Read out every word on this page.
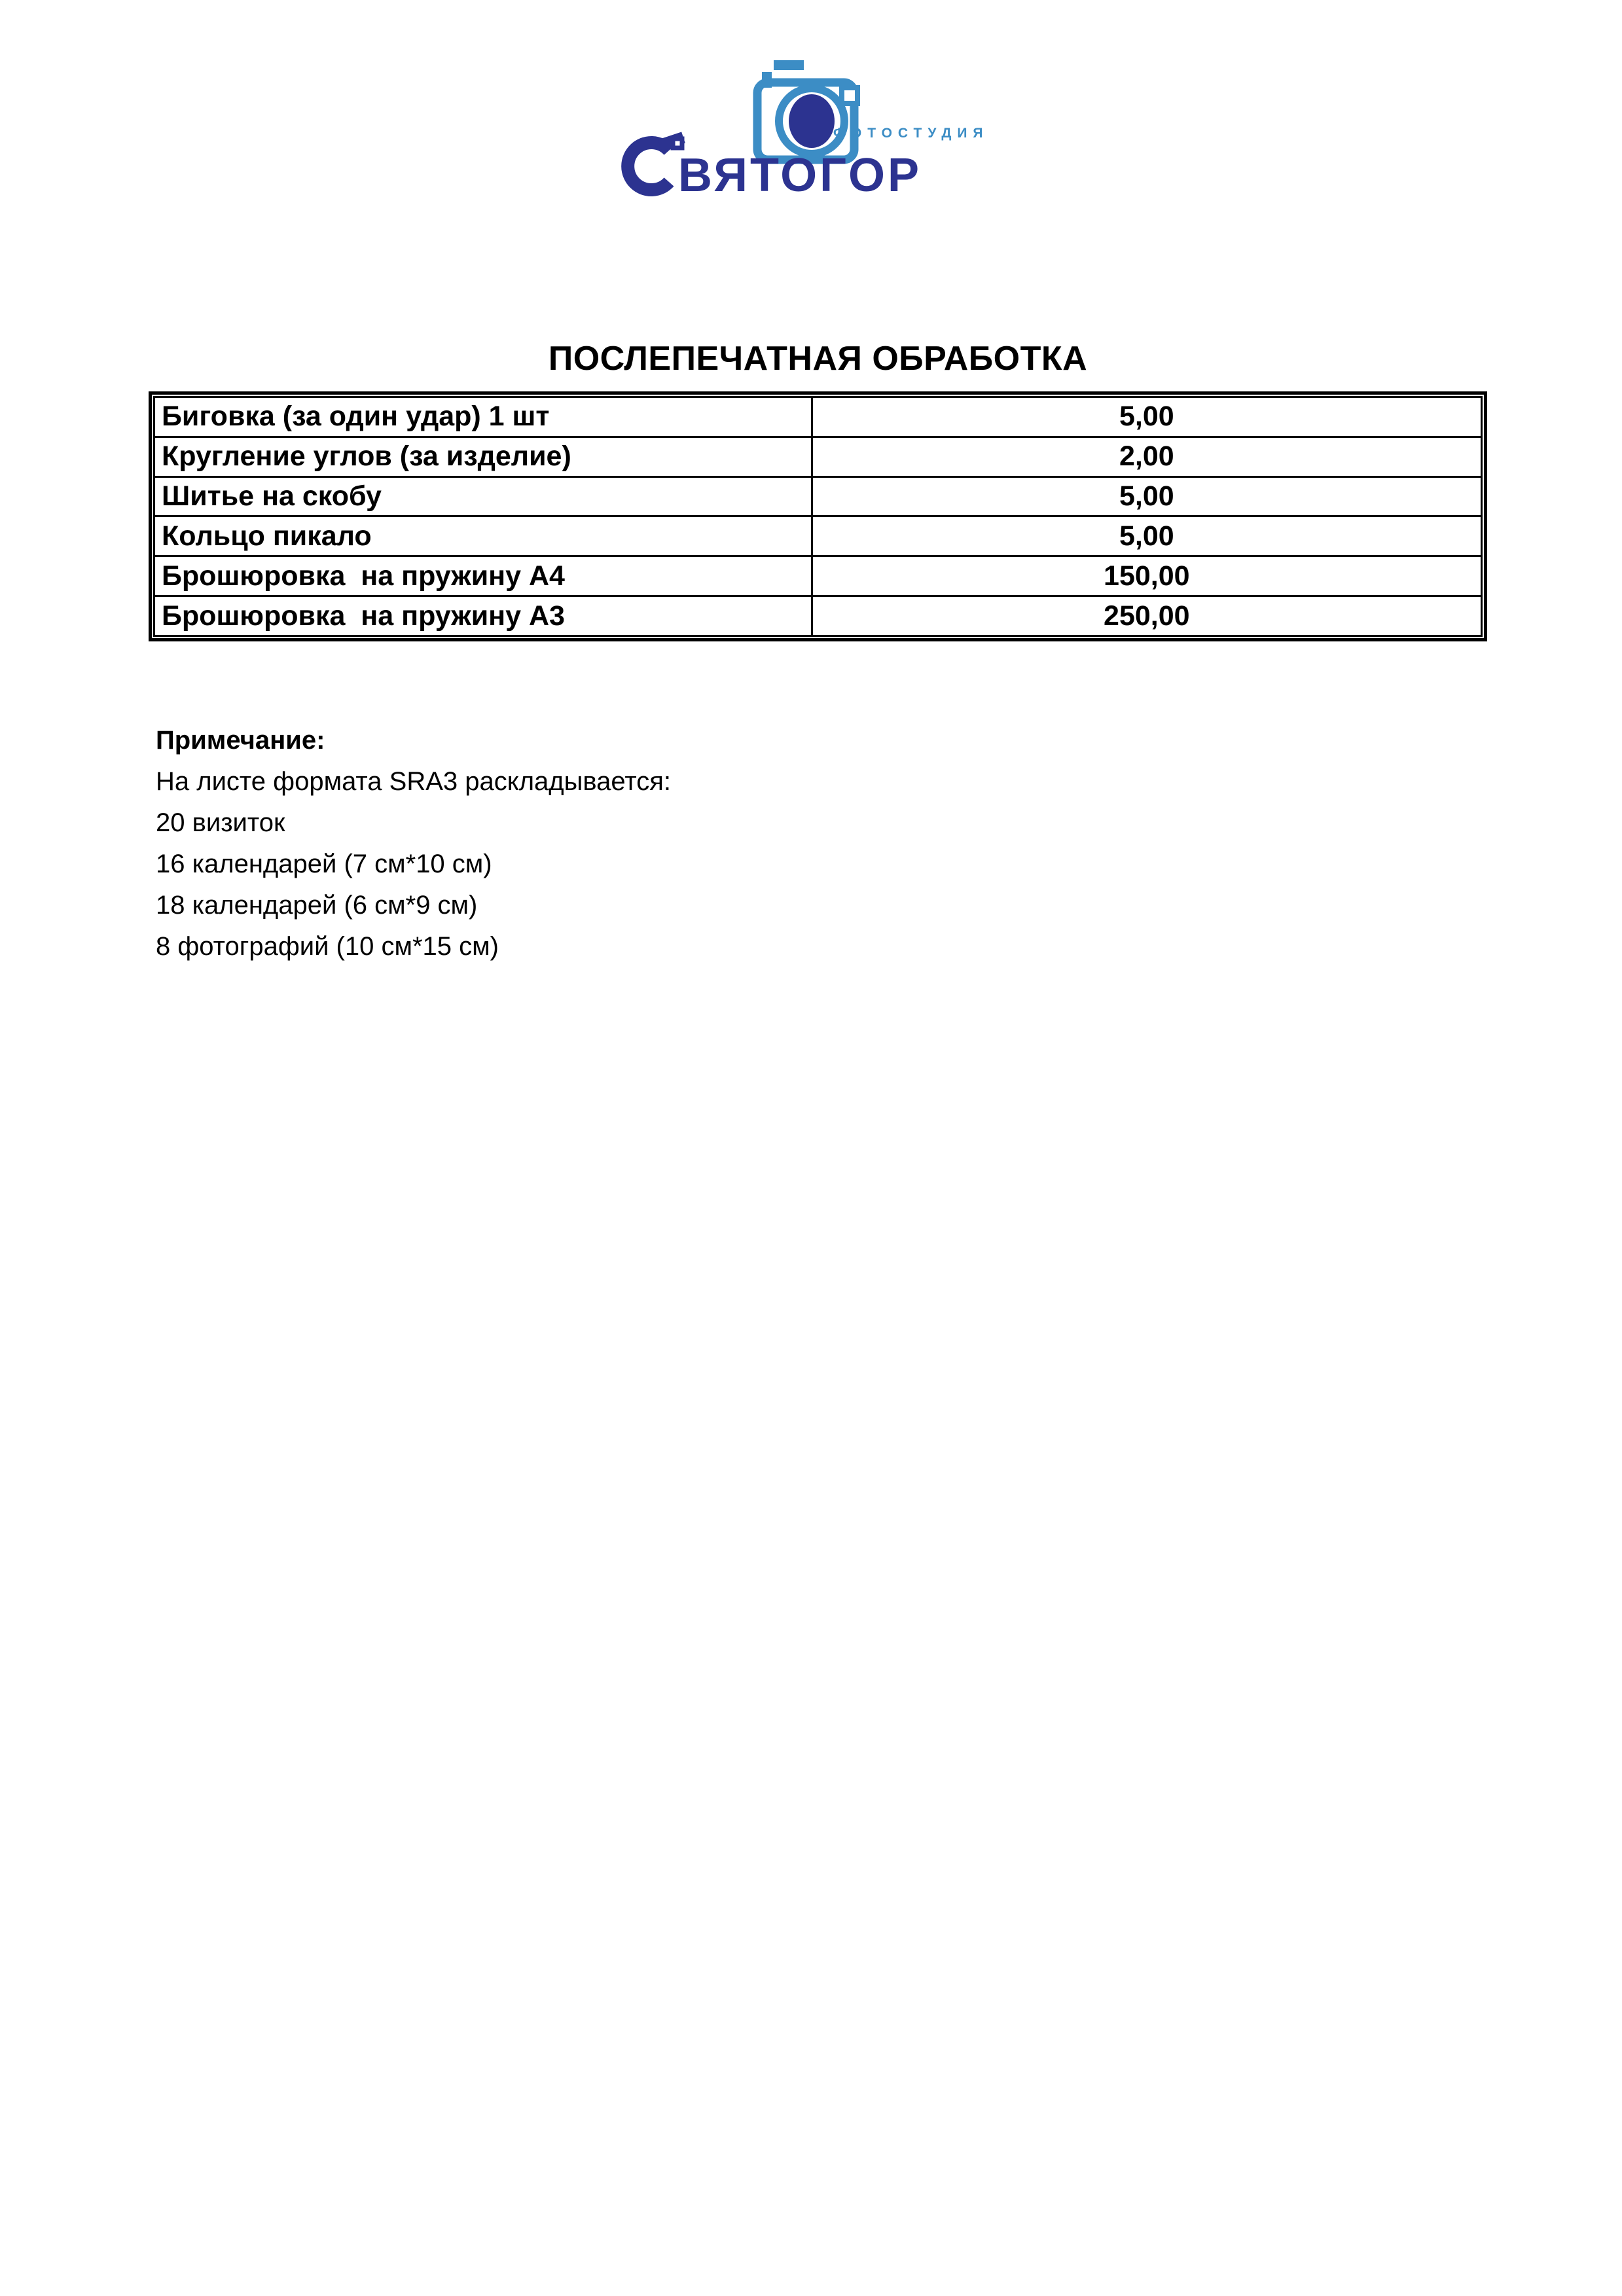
ФОТОСТУДИЯ
ВЯТОГОР
ПОСЛЕПЕЧАТНАЯ ОБРАБОТКА
Биговка (за один удар) 1 шт	5,00
Кругление углов (за изделие)	2,00
Шитье на скобу	5,00
Кольцо пикало	5,00
Брошюровка  на пружину А4	150,00
Брошюровка  на пружину А3	250,00
Примечание:
На листе формата SRA3 раскладывается:
20 визиток
16 календарей (7 см*10 см)
18 календарей (6 см*9 см)
8 фотографий (10 см*15 см)
